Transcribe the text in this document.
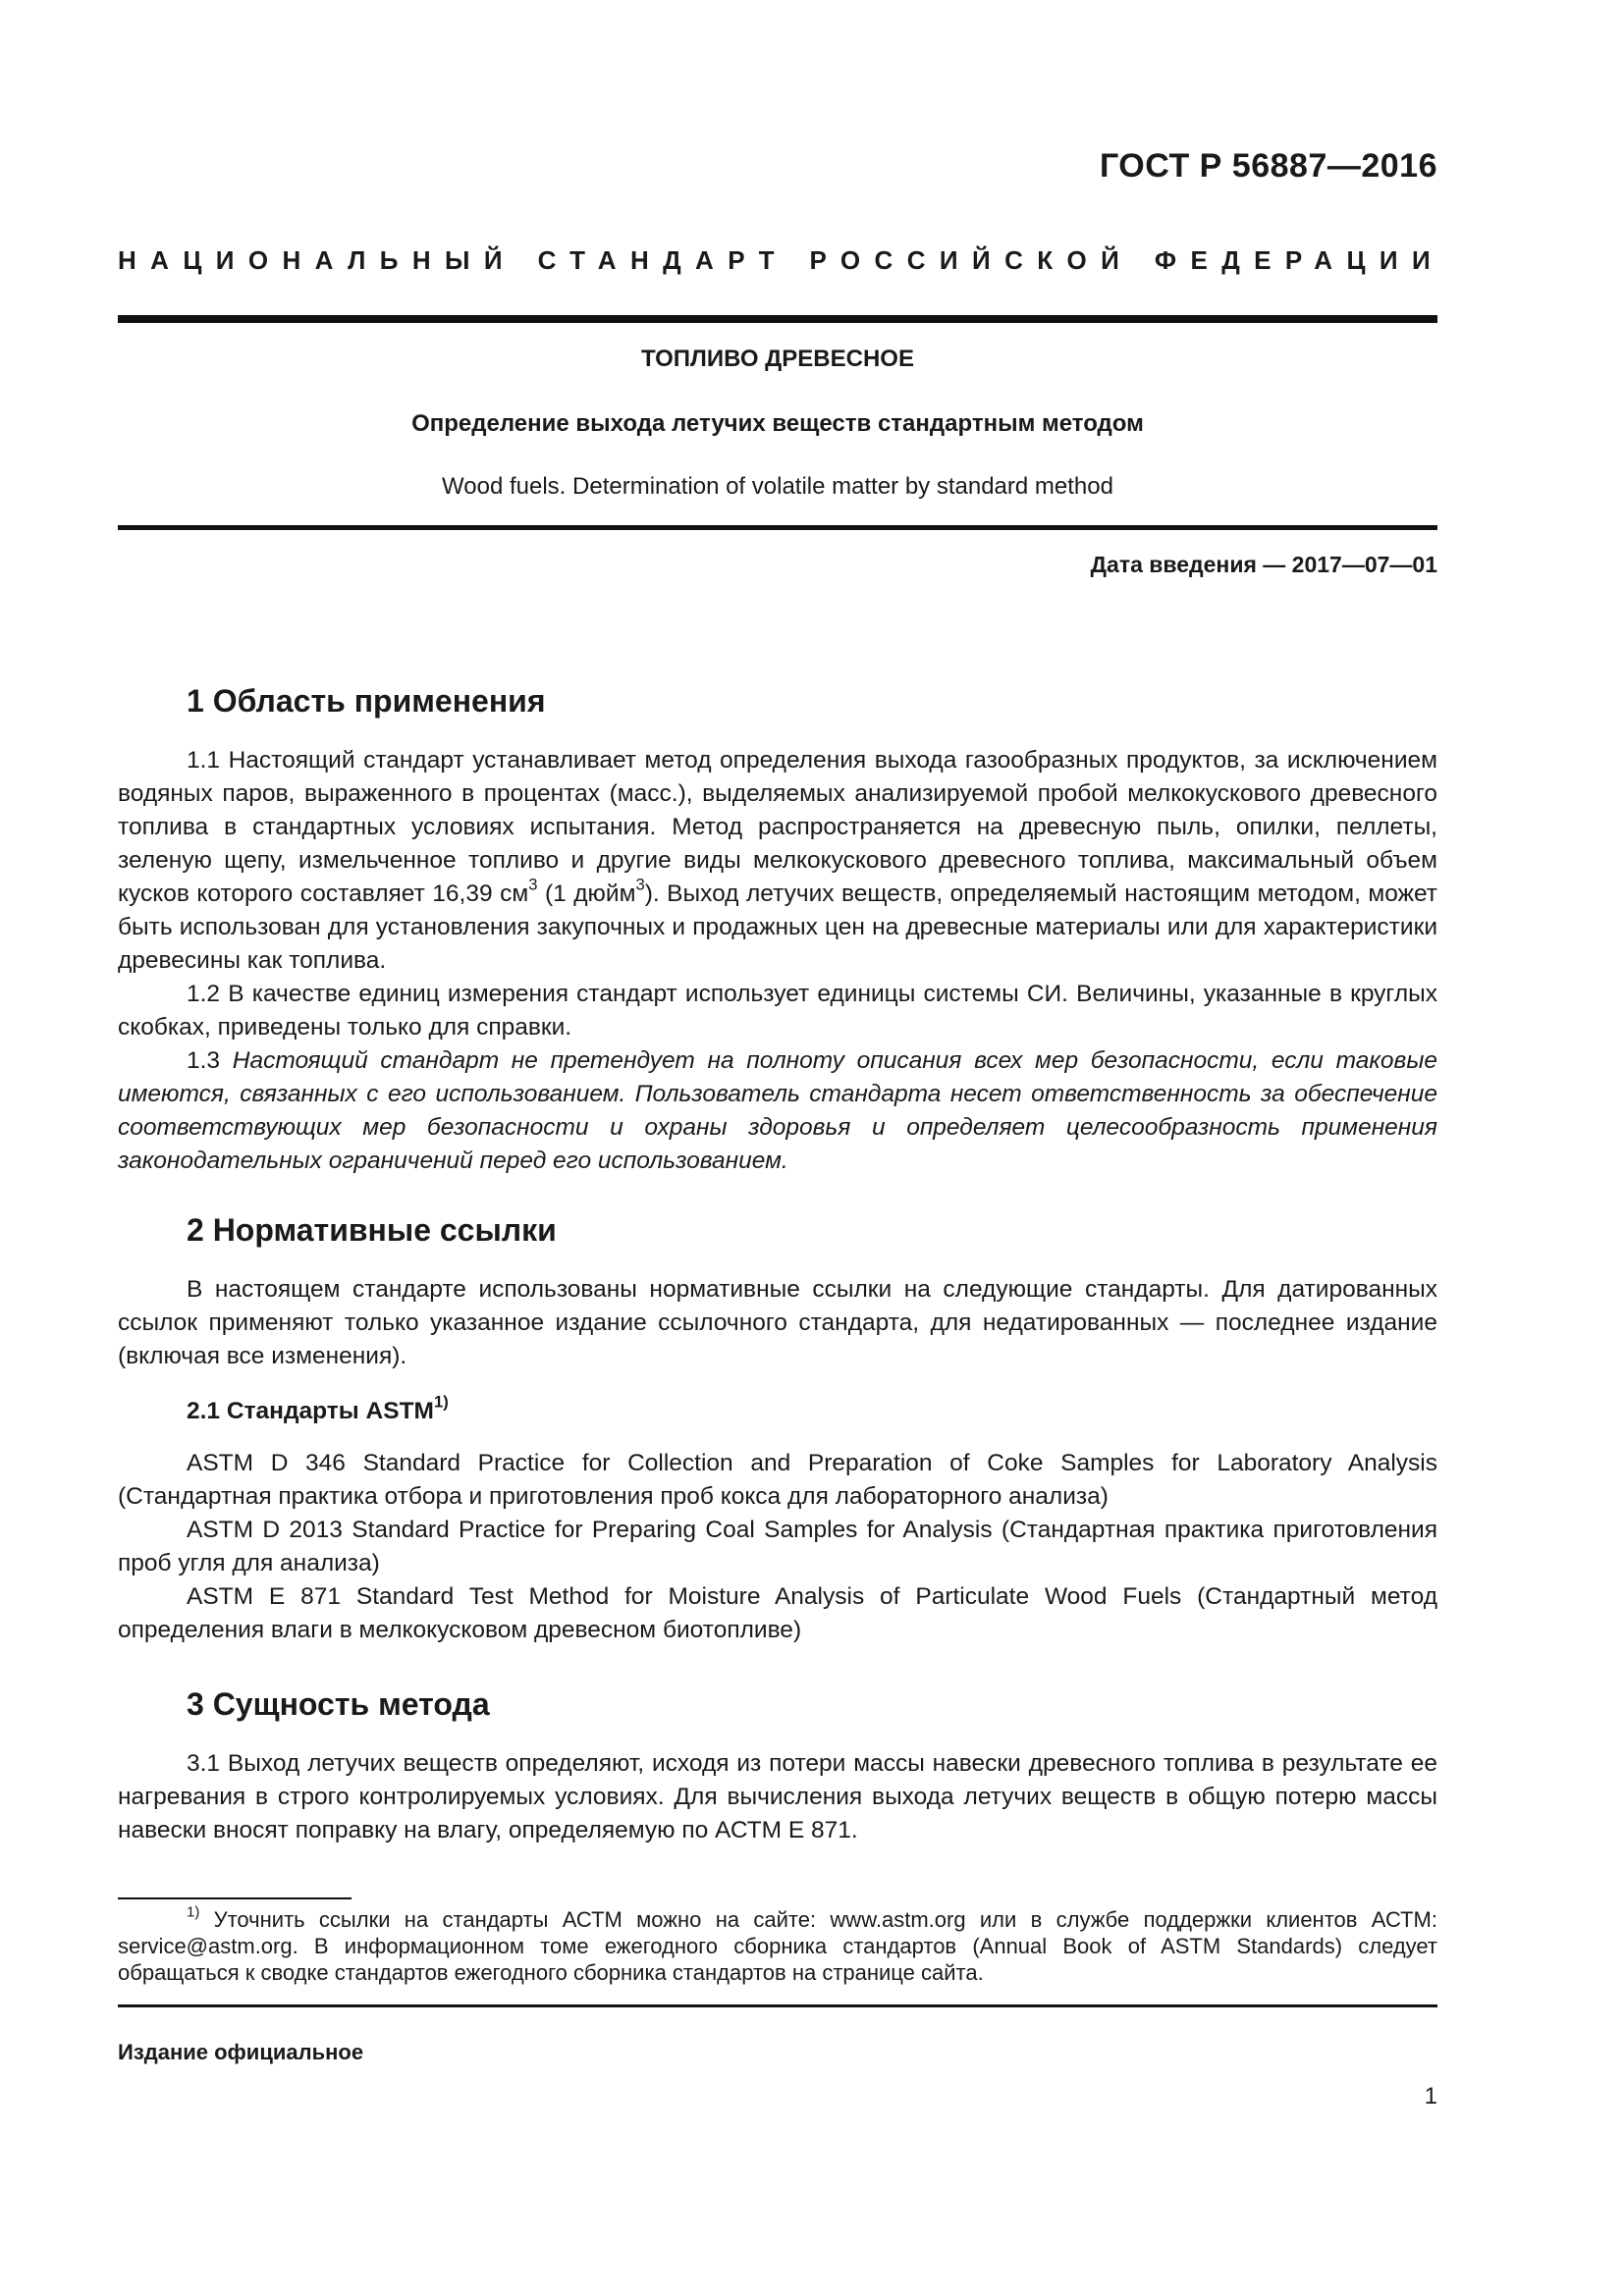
ГОСТ Р 56887—2016
НАЦИОНАЛЬНЫЙ СТАНДАРТ РОССИЙСКОЙ ФЕДЕРАЦИИ
ТОПЛИВО ДРЕВЕСНОЕ
Определение выхода летучих веществ стандартным методом
Wood fuels. Determination of volatile matter by standard method
Дата введения — 2017—07—01
1 Область применения

1.1 Настоящий стандарт устанавливает метод определения выхода газообразных продуктов, за исключением водяных паров, выраженного в процентах (масс.), выделяемых анализируемой пробой мелкокускового древесного топлива в стандартных условиях испытания. Метод распространяется на древесную пыль, опилки, пеллеты, зеленую щепу, измельченное топливо и другие виды мелкокускового древесного топлива, максимальный объем кусков которого составляет 16,39 $см^3$ (1 дюйм$^3$). Выход летучих веществ, определяемый настоящим методом, может быть использован для установления закупочных и продажных цен на древесные материалы или для характеристики древесины как топлива.

1.2 В качестве единиц измерения стандарт использует единицы системы СИ. Величины, указанные в круглых скобках, приведены только для справки.

1.3 Настоящий стандарт не претендует на полноту описания всех мер безопасности, если таковые имеются, связанных с его использованием. Пользователь стандарта несет ответственность за обеспечение соответствующих мер безопасности и охраны здоровья и определяет целесообразность применения законодательных ограничений перед его использованием.

2 Нормативные ссылки

В настоящем стандарте использованы нормативные ссылки на следующие стандарты. Для датированных ссылок применяют только указанное издание ссылочного стандарта, для недатированных — последнее издание (включая все изменения).

2.1 Стандарты ASTM$^{1)}$

ASTM D 346 Standard Practice for Collection and Preparation of Coke Samples for Laboratory Analysis (Стандартная практика отбора и приготовления проб кокса для лабораторного анализа)

ASTM D 2013 Standard Practice for Preparing Coal Samples for Analysis (Стандартная практика приготовления проб угля для анализа)

ASTM E 871 Standard Test Method for Moisture Analysis of Particulate Wood Fuels (Стандартный метод определения влаги в мелкокусковом древесном биотопливе)

3 Сущность метода

3.1 Выход летучих веществ определяют, исходя из потери массы навески древесного топлива в результате ее нагревания в строго контролируемых условиях. Для вычисления выхода летучих веществ в общую потерю массы навески вносят поправку на влагу, определяемую по АСТМ Е 871.

$^{1)}$ Уточнить ссылки на стандарты АСТМ можно на сайте: www.astm.org или в службе поддержки клиентов АСТМ: service@astm.org. В информационном томе ежегодного сборника стандартов (Annual Book of ASTM Standards) следует обращаться к сводке стандартов ежегодного сборника стандартов на странице сайта.

Издание официальное
1
